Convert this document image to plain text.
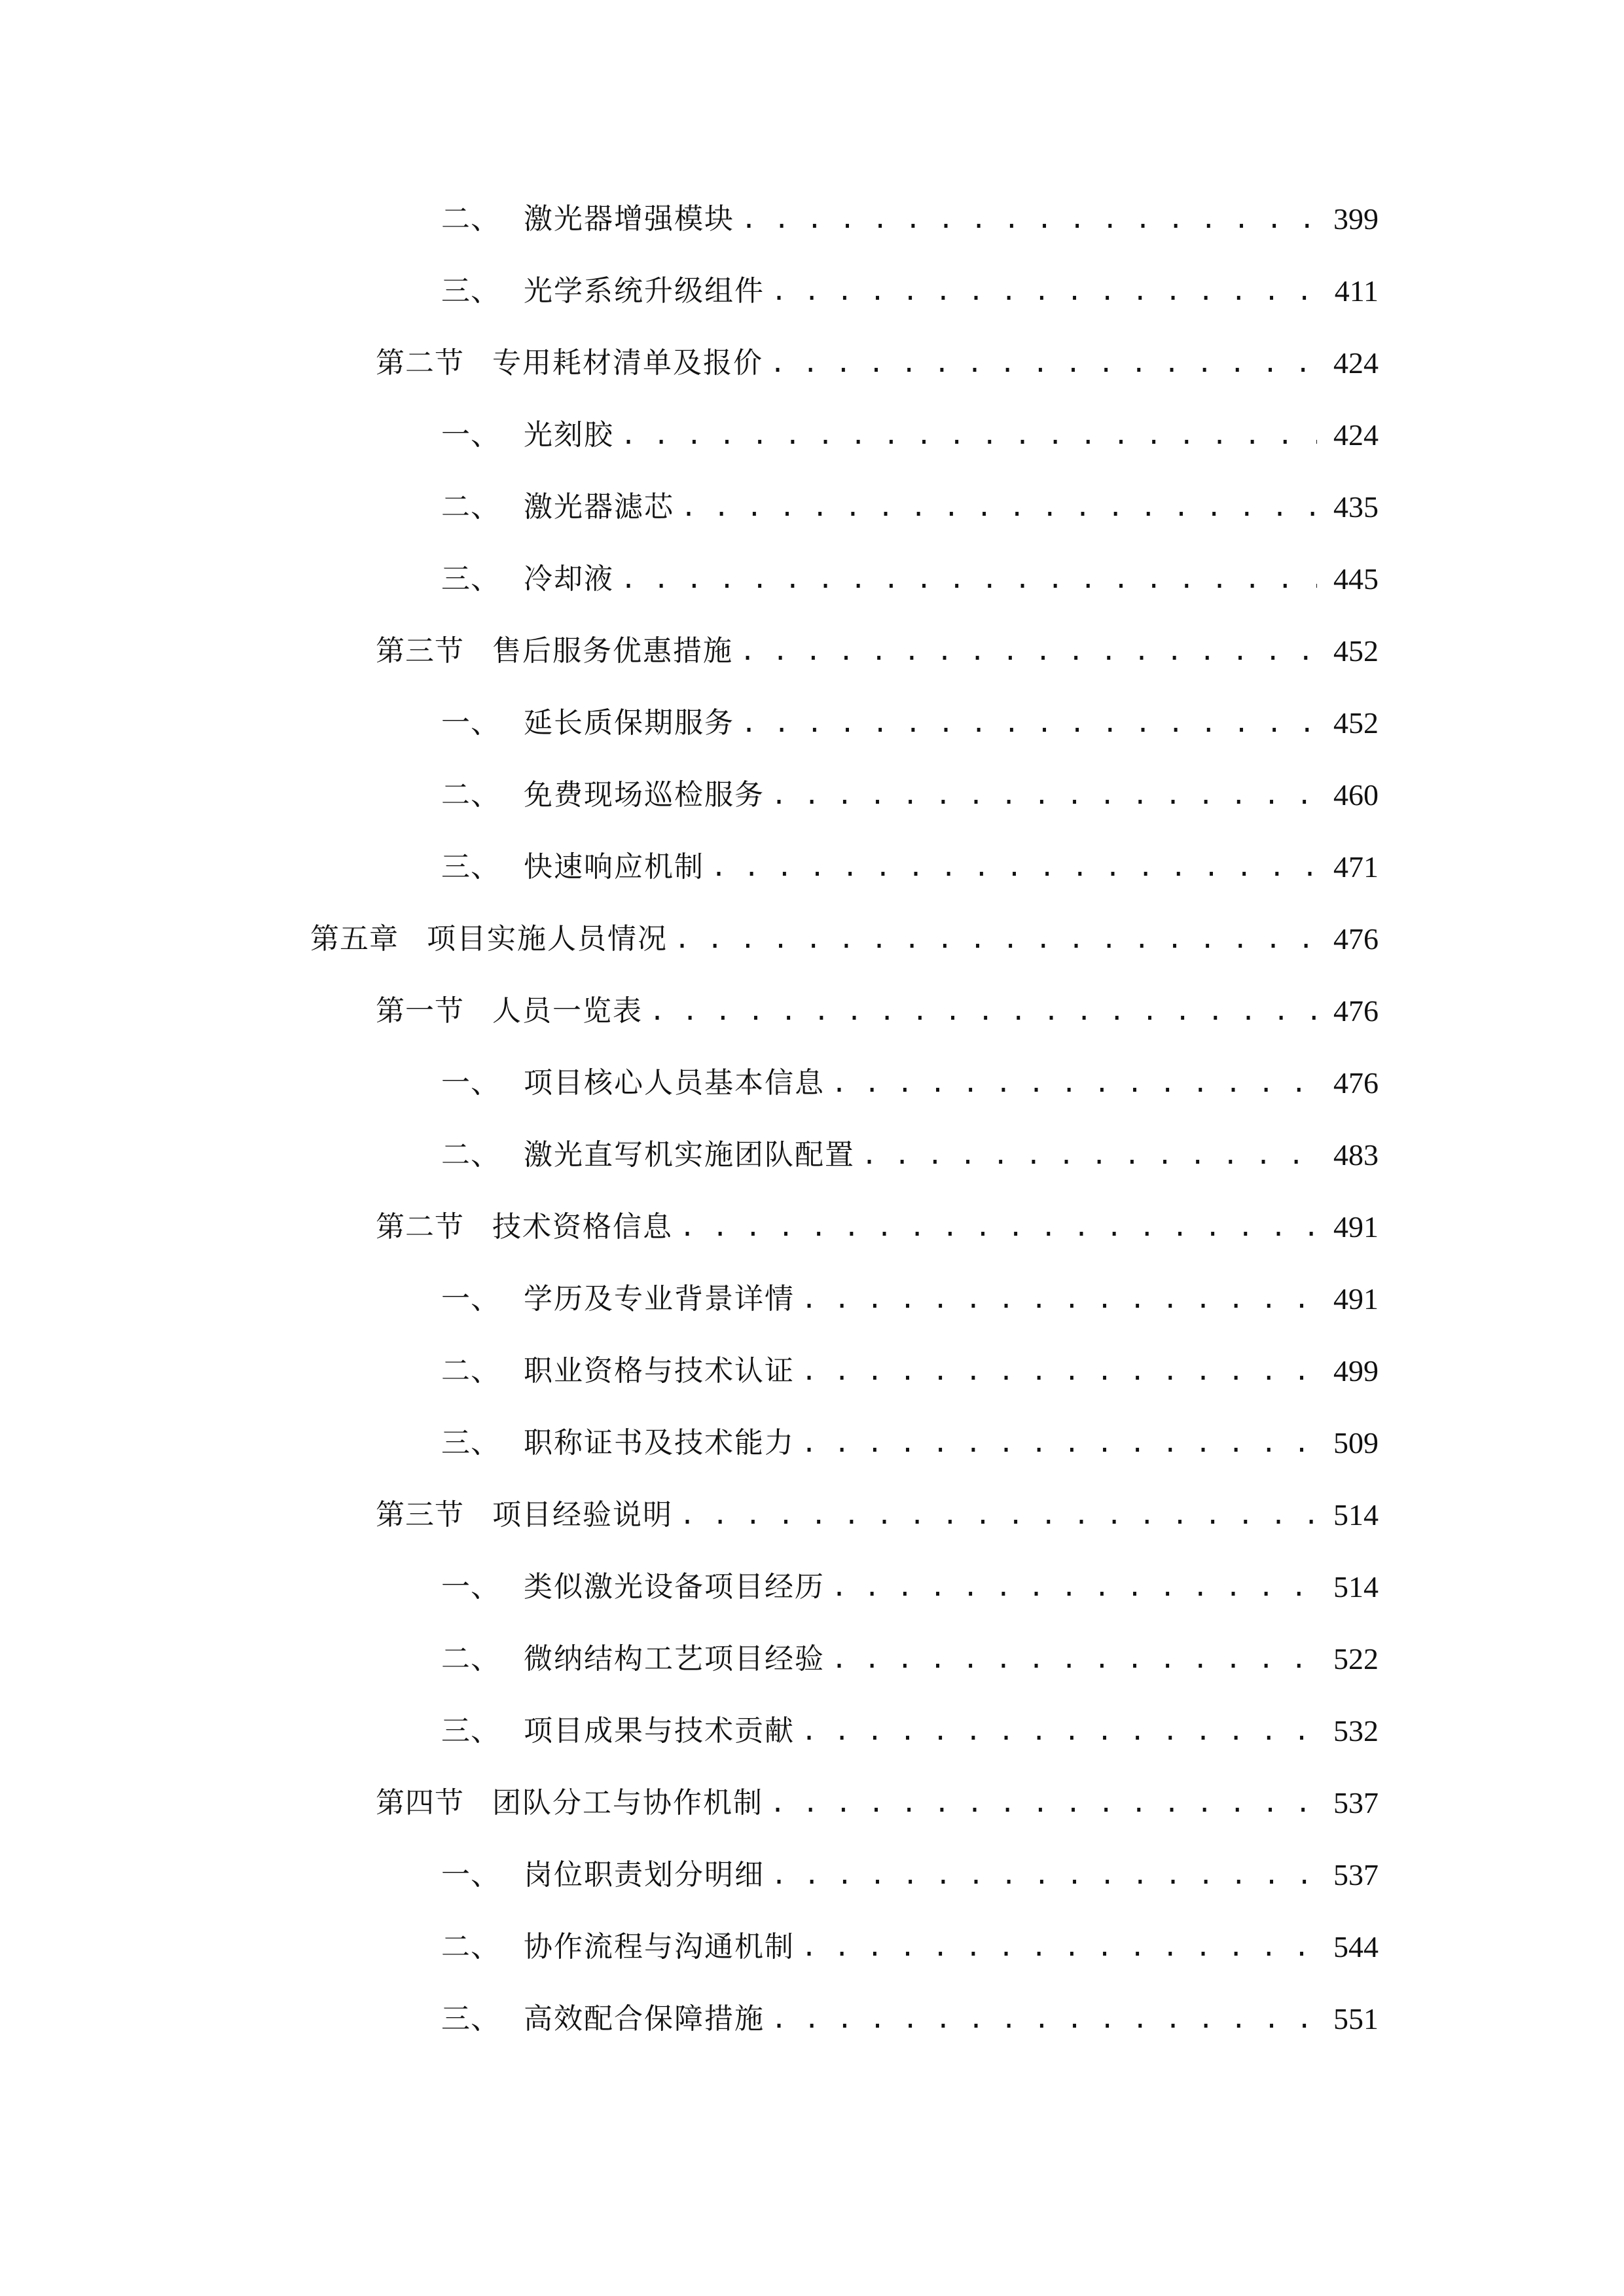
二、 激光器增强模块 . . .	399
三、 光学系统升级组件 . . .	411
第二节 专用耗材清单及报价 . . .	424
一、 光刻胶 . . .	424
二、 激光器滤芯 . . .	435
三、 冷却液 . . .	445
第三节 售后服务优惠措施 . . .	452
一、 延长质保期服务 . . .	452
二、 免费现场巡检服务 . . .	460
三、 快速响应机制 . . .	471
第五章 项目实施人员情况 . . .	476
第一节 人员一览表 . . .	476
一、 项目核心人员基本信息 . . .	476
二、 激光直写机实施团队配置 . . .	483
第二节 技术资格信息 . . .	491
一、 学历及专业背景详情 . . .	491
二、 职业资格与技术认证 . . .	499
三、 职称证书及技术能力 . . .	509
第三节 项目经验说明 . . .	514
一、 类似激光设备项目经历 . . .	514
二、 微纳结构工艺项目经验 . . .	522
三、 项目成果与技术贡献 . . .	532
第四节 团队分工与协作机制 . . .	537
一、 岗位职责划分明细 . . .	537
二、 协作流程与沟通机制 . . .	544
三、 高效配合保障措施 . . .	551
